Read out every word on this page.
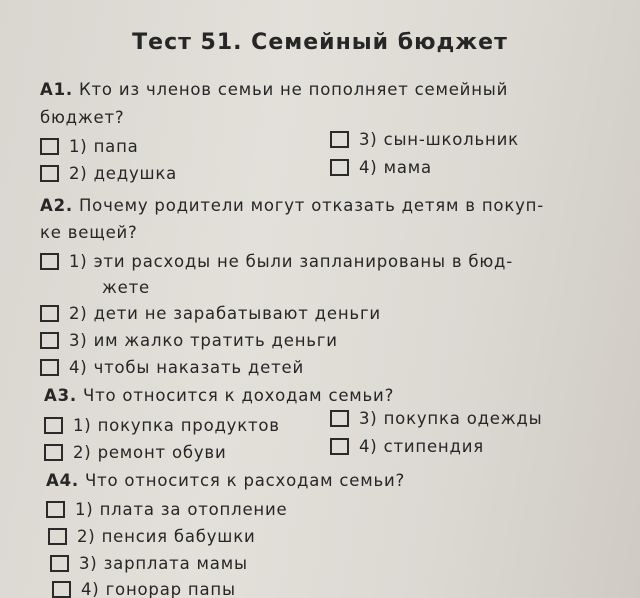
Тест 51. Семейный бюджет
А1. Кто из членов семьи не пополняет семейный
бюджет?
1) папа
2) дедушка
3) сын-школьник
4) мама
А2. Почему родители могут отказать детям в покуп-
ке вещей?
1) эти расходы не были запланированы в бюд-
жете
2) дети не зарабатывают деньги
3) им жалко тратить деньги
4) чтобы наказать детей
А3. Что относится к доходам семьи?
1) покупка продуктов
2) ремонт обуви
3) покупка одежды
4) стипендия
А4. Что относится к расходам семьи?
1) плата за отопление
2) пенсия бабушки
3) зарплата мамы
4) гонорар папы
